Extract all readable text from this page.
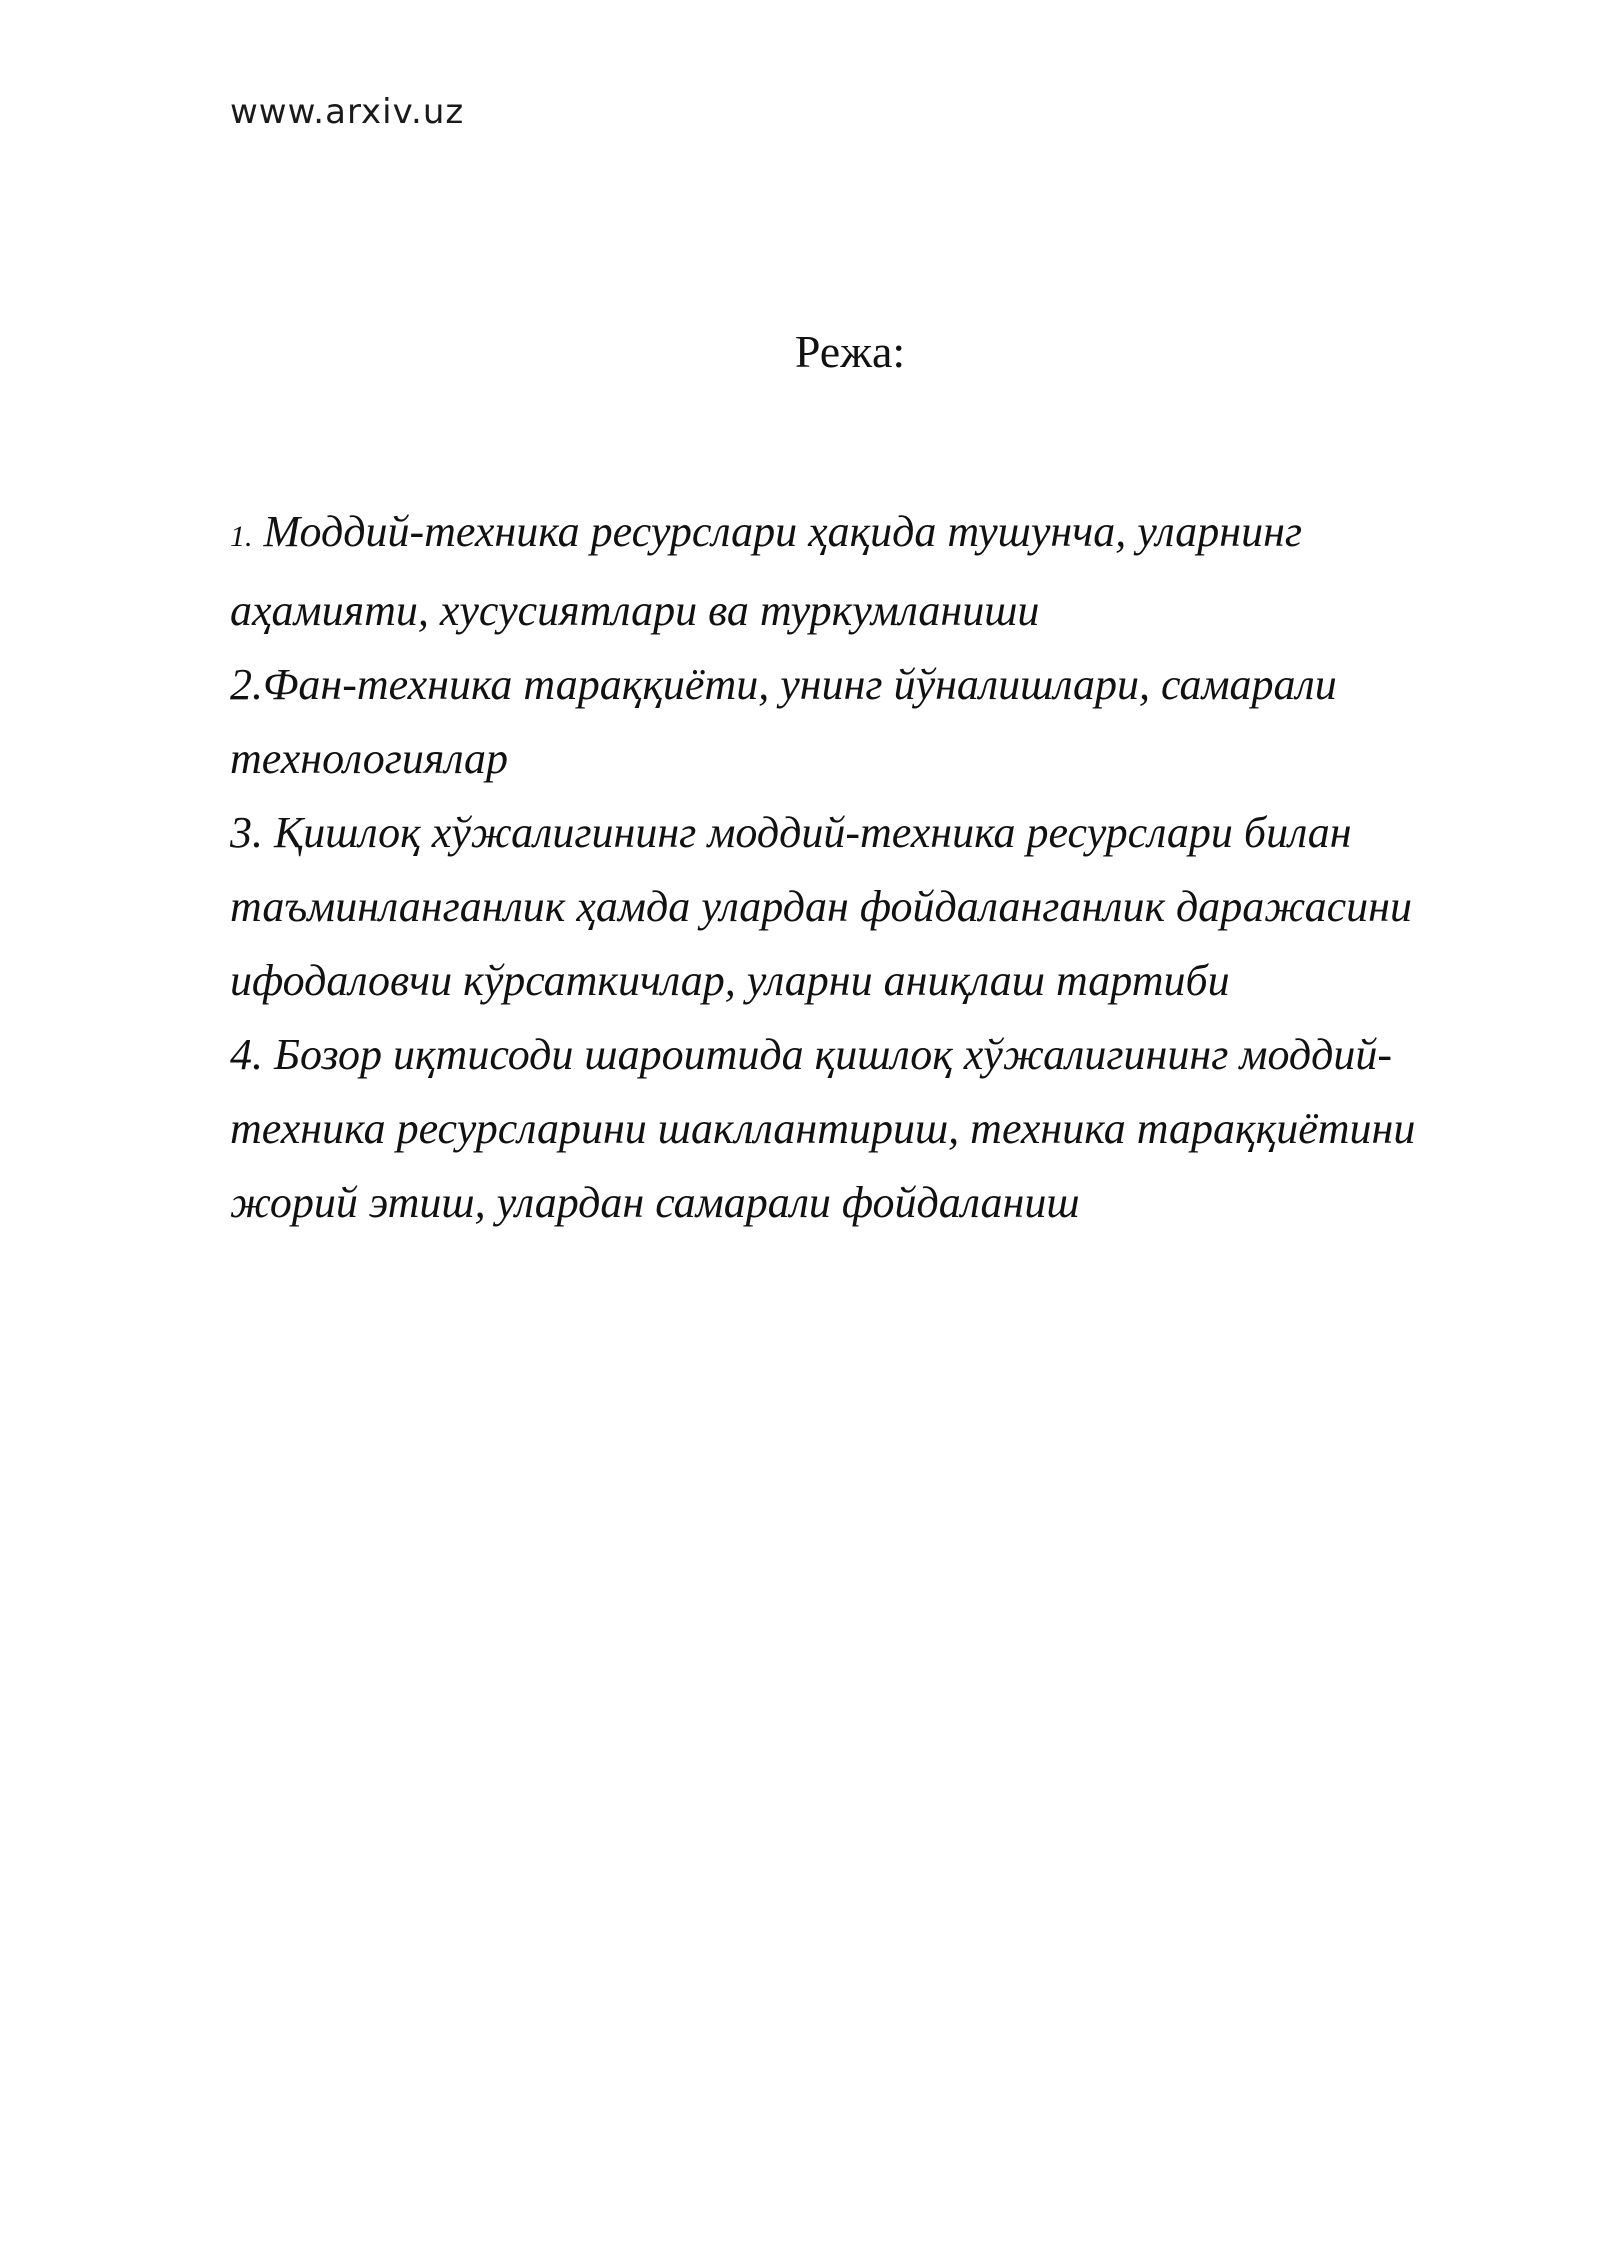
www.arxiv.uz
Режа:

1. Моддий-техника ресурслари ҳақида тушунча, уларнинг аҳамияти, хусусиятлари ва туркумланиши

2.Фан-техника тараққиёти, унинг йўналишлари, самарали технологиялар

3. Қишлоқ хўжалигининг моддий-техника ресурслари билан таъминланганлик ҳамда улардан фойдаланганлик даражасини ифодаловчи кўрсаткичлар, уларни аниқлаш тартиби

4. Бозор иқтисоди шароитида қишлоқ хўжалигининг моддий-техника ресурсларини шакллантириш, техника тараққиётини жорий этиш, улардан самарали фойдаланиш
